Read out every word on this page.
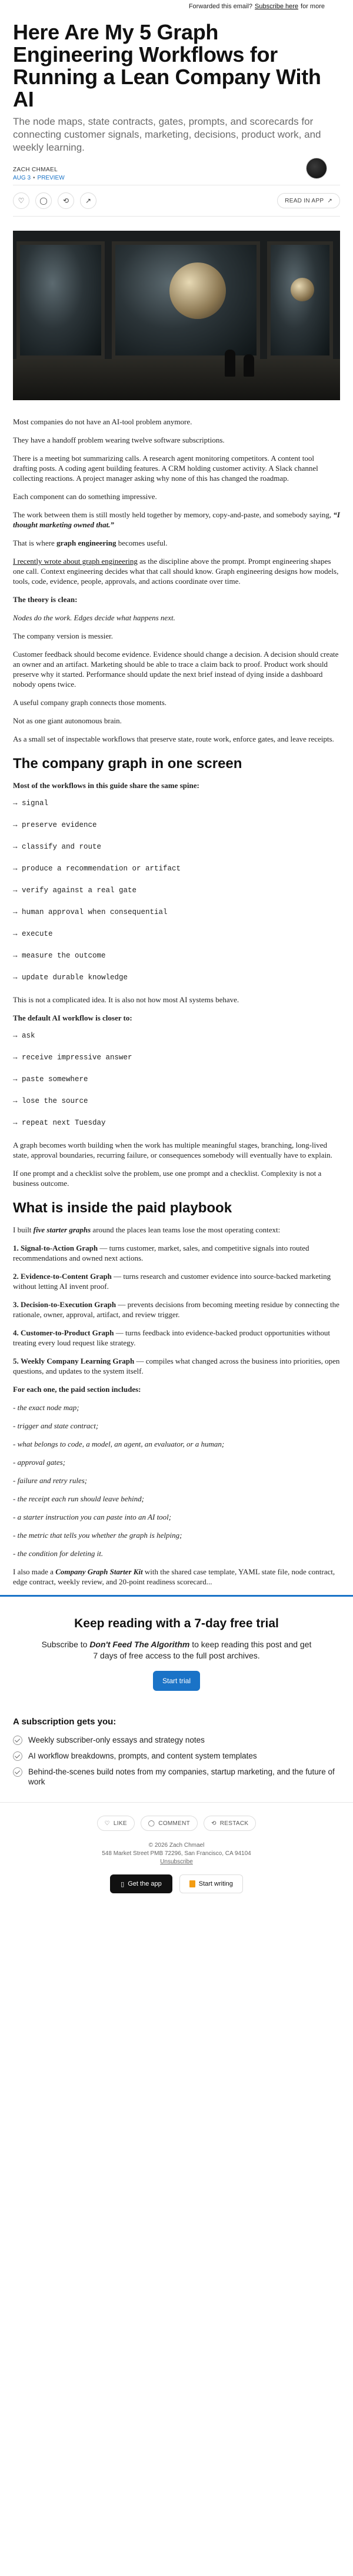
Forwarded this email? Subscribe here for more
Here Are My 5 Graph Engineering Workflows for Running a Lean Company With AI
The node maps, state contracts, gates, prompts, and scorecards for connecting customer signals, marketing, decisions, product work, and weekly learning.
ZACH CHMAEL
AUG 3 • PREVIEW
♡	◯	⟲	↗	READ IN APP ↗

Most companies do not have an AI-tool problem anymore.

They have a handoff problem wearing twelve software subscriptions.

There is a meeting bot summarizing calls. A research agent monitoring competitors. A content tool drafting posts. A coding agent building features. A CRM holding customer activity. A Slack channel collecting reactions. A project manager asking why none of this has changed the roadmap.

Each component can do something impressive.

The work between them is still mostly held together by memory, copy-and-paste, and somebody saying, “I thought marketing owned that.”

That is where graph engineering becomes useful.

I recently wrote about graph engineering as the discipline above the prompt. Prompt engineering shapes one call. Context engineering decides what that call should know. Graph engineering designs how models, tools, code, evidence, people, approvals, and actions coordinate over time.

The theory is clean:

Nodes do the work. Edges decide what happens next.

The company version is messier.

Customer feedback should become evidence. Evidence should change a decision. A decision should create an owner and an artifact. Marketing should be able to trace a claim back to proof. Product work should preserve why it started. Performance should update the next brief instead of dying inside a dashboard nobody opens twice.

A useful company graph connects those moments.

Not as one giant autonomous brain.

As a small set of inspectable workflows that preserve state, route work, enforce gates, and leave receipts.

The company graph in one screen

Most of the workflows in this guide share the same spine:

→ signal
→ preserve evidence
→ classify and route
→ produce a recommendation or artifact
→ verify against a real gate
→ human approval when consequential
→ execute
→ measure the outcome
→ update durable knowledge

This is not a complicated idea. It is also not how most AI systems behave.

The default AI workflow is closer to:

→ ask
→ receive impressive answer
→ paste somewhere
→ lose the source
→ repeat next Tuesday

A graph becomes worth building when the work has multiple meaningful stages, branching, long-lived state, approval boundaries, recurring failure, or consequences somebody will eventually have to explain.

If one prompt and a checklist solve the problem, use one prompt and a checklist. Complexity is not a business outcome.

What is inside the paid playbook

I built five starter graphs around the places lean teams lose the most operating context:

1. Signal-to-Action Graph — turns customer, market, sales, and competitive signals into routed recommendations and owned next actions.

2. Evidence-to-Content Graph — turns research and customer evidence into source-backed marketing without letting AI invent proof.

3. Decision-to-Execution Graph — prevents decisions from becoming meeting residue by connecting the rationale, owner, approval, artifact, and review trigger.

4. Customer-to-Product Graph — turns feedback into evidence-backed product opportunities without treating every loud request like strategy.

5. Weekly Company Learning Graph — compiles what changed across the business into priorities, open questions, and updates to the system itself.

For each one, the paid section includes:

- the exact node map;

- trigger and state contract;

- what belongs to code, a model, an agent, an evaluator, or a human;

- approval gates;

- failure and retry rules;

- the receipt each run should leave behind;

- a starter instruction you can paste into an AI tool;

- the metric that tells you whether the graph is helping;

- the condition for deleting it.

I also made a Company Graph Starter Kit with the shared case template, YAML state file, node contract, edge contract, weekly review, and 20-point readiness scorecard...

Keep reading with a 7-day free trial
Subscribe to Don't Feed The Algorithm to keep reading this post and get 7 days of free access to the full post archives.
Start trial
A subscription gets you:
Weekly subscriber-only essays and strategy notes
AI workflow breakdowns, prompts, and content system templates
Behind-the-scenes build notes from my companies, startup marketing, and the future of work
♡ LIKE	◯ COMMENT	⟲ RESTACK
© 2026 Zach Chmael
548 Market Street PMB 72296, San Francisco, CA 94104
Unsubscribe
▯ Get the app	Start writing
